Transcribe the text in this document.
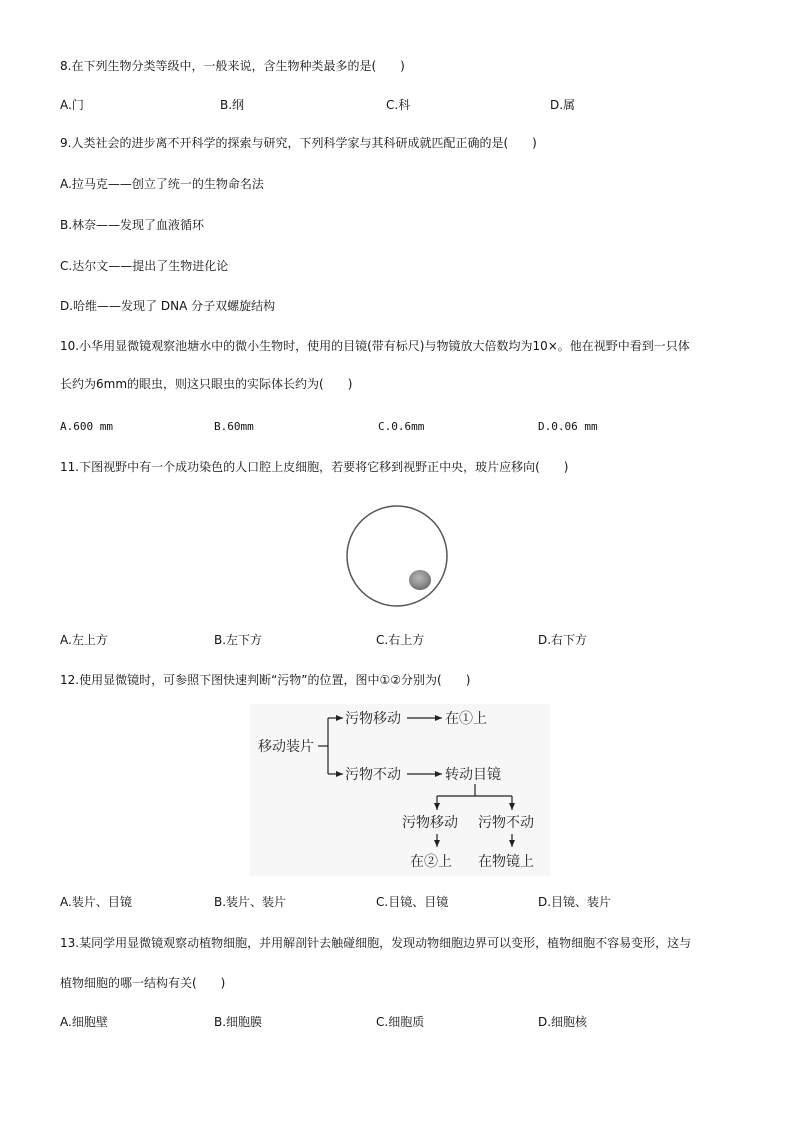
8.在下列生物分类等级中，一般来说，含生物种类最多的是(　　)
A.门	B.纲	C.科	D.属
9.人类社会的进步离不开科学的探索与研究，下列科学家与其科研成就匹配正确的是(　　)
A.拉马克——创立了统一的生物命名法
B.林奈——发现了血液循环
C.达尔文——提出了生物进化论
D.哈维——发现了 DNA 分子双螺旋结构
10.小华用显微镜观察池塘水中的微小生物时，使用的目镜(带有标尺)与物镜放大倍数均为10×。他在视野中看到一只体
长约为6mm的眼虫，则这只眼虫的实际体长约为(　　)
A.600 mm	B.60mm	C.0.6mm	D.0.06 mm
11.下图视野中有一个成功染色的人口腔上皮细胞，若要将它移到视野正中央，玻片应移向(　　)
A.左上方	B.左下方	C.右上方	D.右下方
12.使用显微镜时，可参照下图快速判断“污物”的位置，图中①②分别为(　　)
移动装片
污物移动	在①上
污物不动	转动目镜
污物移动 污物不动
在②上 在物镜上
A.装片、目镜	B.装片、装片	C.目镜、目镜	D.目镜、装片
13.某同学用显微镜观察动植物细胞，并用解剖针去触碰细胞，发现动物细胞边界可以变形，植物细胞不容易变形，这与
植物细胞的哪一结构有关(　　)
A.细胞壁	B.细胞膜	C.细胞质	D.细胞核
